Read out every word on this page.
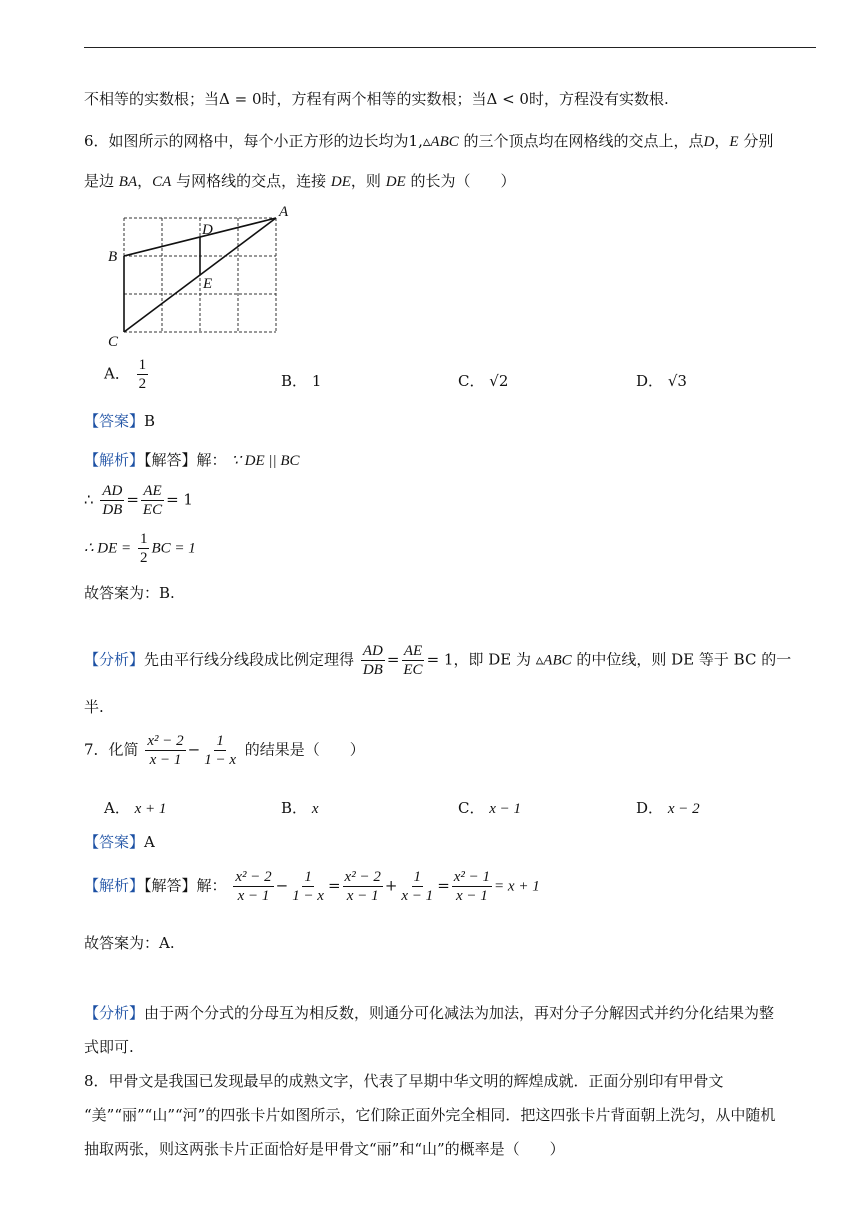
不相等的实数根；当Δ = 0时，方程有两个相等的实数根；当Δ < 0时，方程没有实数根.
6．如图所示的网格中，每个小正方形的边长均为1,▵ABC 的三个顶点均在网格线的交点上，点D，E 分别
是边 BA，CA 与网格线的交点，连接 DE，则 DE 的长为（　　）
A
B
C
D
E
A． $\frac{1}{2}$	B． 1	C． √2	D． √3
【答案】B
【解析】【解答】解： ∵ DE || BC
∴ $\frac{AD}{DB} = \frac{AE}{EC} = 1$
∴ DE = $\frac{1}{2}$ BC = 1
故答案为：B.
【分析】先由平行线分线段成比例定理得 $\frac{AD}{DB} = \frac{AE}{EC} = 1$，即 DE 为 ▵ABC 的中位线，则 DE 等于 BC 的一
半.
7．化简 $\frac{\text{x² − 2}}{x - 1} - \frac{1}{1 - x}$ 的结果是（　　）
A． x + 1	B． x	C． x − 1	D． x − 2
【答案】A
【解析】【解答】解： $\frac{\text{x² − 2}}{x - 1} - \frac{1}{1 - x} = \frac{\text{x² − 2}}{x - 1} + \frac{1}{x - 1} = \frac{\text{x² − 1}}{x - 1} = x + 1$
故答案为：A.
【分析】由于两个分式的分母互为相反数，则通分可化减法为加法，再对分子分解因式并约分化结果为整
式即可.
8．甲骨文是我国已发现最早的成熟文字，代表了早期中华文明的辉煌成就．正面分别印有甲骨文
“美”“丽”“山”“河”的四张卡片如图所示，它们除正面外完全相同．把这四张卡片背面朝上洗匀，从中随机
抽取两张，则这两张卡片正面恰好是甲骨文“丽”和“山”的概率是（　　）
